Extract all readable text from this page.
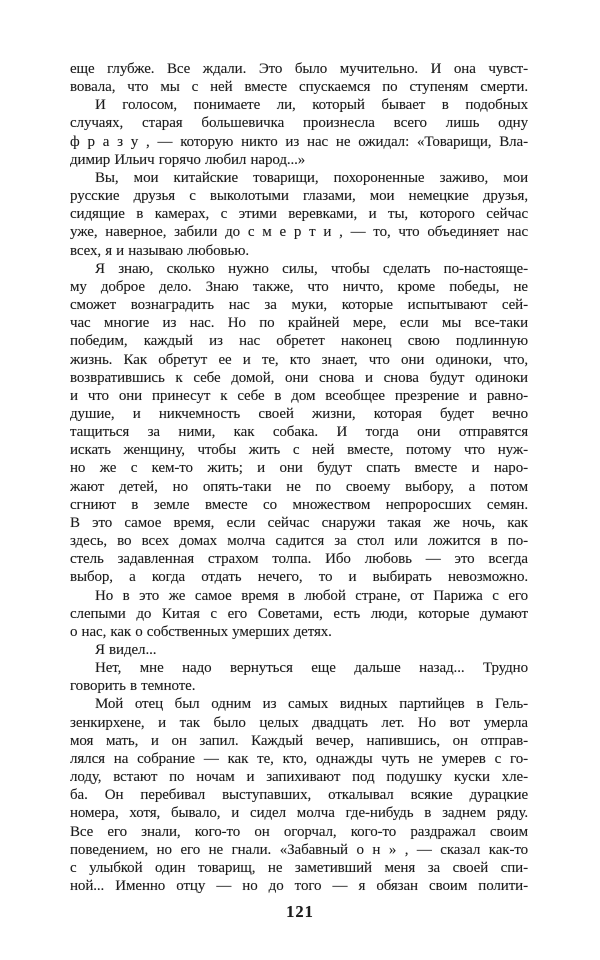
еще глубже. Все ждали. Это было мучительно. И она чувст-
вовала, что мы с ней вместе спускаемся по ступеням смерти.
И голосом, понимаете ли, который бывает в подобных
случаях, старая большевичка произнесла всего лишь одну
ф р а з у , — которую никто из нас не ожидал: «Товарищи, Вла-
димир Ильич горячо любил народ...»
Вы, мои китайские товарищи, похороненные заживо, мои
русские друзья с выколотыми глазами, мои немецкие друзья,
сидящие в камерах, с этими веревками, и ты, которого сейчас
уже, наверное, забили до с м е р т и , — то, что объединяет нас
всех, я и называю любовью.
Я знаю, сколько нужно силы, чтобы сделать по-настояще-
му доброе дело. Знаю также, что ничто, кроме победы, не
сможет вознаградить нас за муки, которые испытывают сей-
час многие из нас. Но по крайней мере, если мы все-таки
победим, каждый из нас обретет наконец свою подлинную
жизнь. Как обретут ее и те, кто знает, что они одиноки, что,
возвратившись к себе домой, они снова и снова будут одиноки
и что они принесут к себе в дом всеобщее презрение и равно-
душие, и никчемность своей жизни, которая будет вечно
тащиться за ними, как собака. И тогда они отправятся
искать женщину, чтобы жить с ней вместе, потому что нуж-
но же с кем-то жить; и они будут спать вместе и наро-
жают детей, но опять-таки не по своему выбору, а потом
сгниют в земле вместе со множеством непроросших семян.
В это самое время, если сейчас снаружи такая же ночь, как
здесь, во всех домах молча садится за стол или ложится в по-
стель задавленная страхом толпа. Ибо любовь — это всегда
выбор, а когда отдать нечего, то и выбирать невозможно.
Но в это же самое время в любой стране, от Парижа с его
слепыми до Китая с его Советами, есть люди, которые думают
о нас, как о собственных умерших детях.
Я видел...
Нет, мне надо вернуться еще дальше назад... Трудно
говорить в темноте.
Мой отец был одним из самых видных партийцев в Гель-
зенкирхене, и так было целых двадцать лет. Но вот умерла
моя мать, и он запил. Каждый вечер, напившись, он отправ-
лялся на собрание — как те, кто, однажды чуть не умерев с го-
лоду, встают по ночам и запихивают под подушку куски хле-
ба. Он перебивал выступавших, откалывал всякие дурацкие
номера, хотя, бывало, и сидел молча где-нибудь в заднем ряду.
Все его знали, кого-то он огорчал, кого-то раздражал своим
поведением, но его не гнали. «Забавный о н » , — сказал как-то
с улыбкой один товарищ, не заметивший меня за своей спи-
ной... Именно отцу — но до того — я обязан своим полити-
121
